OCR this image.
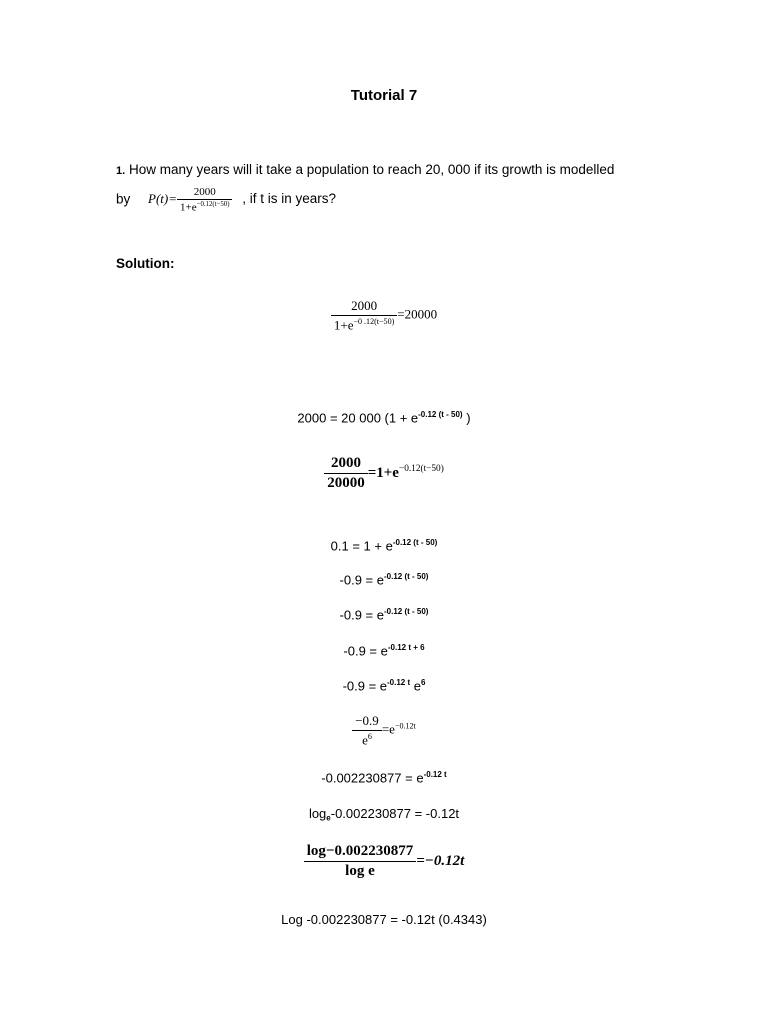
Tutorial 7
1. How many years will it take a population to reach 20, 000 if its growth is modelled
by $P(t)= \frac{2000}{1+e^{-0.12(t-50)}}$ , if t is in years?
Solution:
$\frac{2000}{1+e^{-0 .12(t-50)}} =20000$
2000 = 20 000 ($1 + e^{-0.12 (t - 50)}$ )
$\frac{2000}{20000} =1+e^{-0.12(t-50)}$
$0.1 = 1 + e^{-0.12 (t - 50)}$
$-0.9 = e^{-0.12 (t - 50)}$
$-0.9 = e^{-0.12 (t - 50)}$
$-0.9 = e^{-0.12 t + 6}$
$-0.9 = e^{-0.12 t}$ $e^6$
$\frac{-0.9}{e^6} =e^{-0.12t}$
$-0.002230877 = e^{-0.12 t}$
loge-0.002230877 = -0.12t
$\frac{\log-0.002230877}{\text{log e}} =-0.12t$
Log -0.002230877 = -0.12t (0.4343)
